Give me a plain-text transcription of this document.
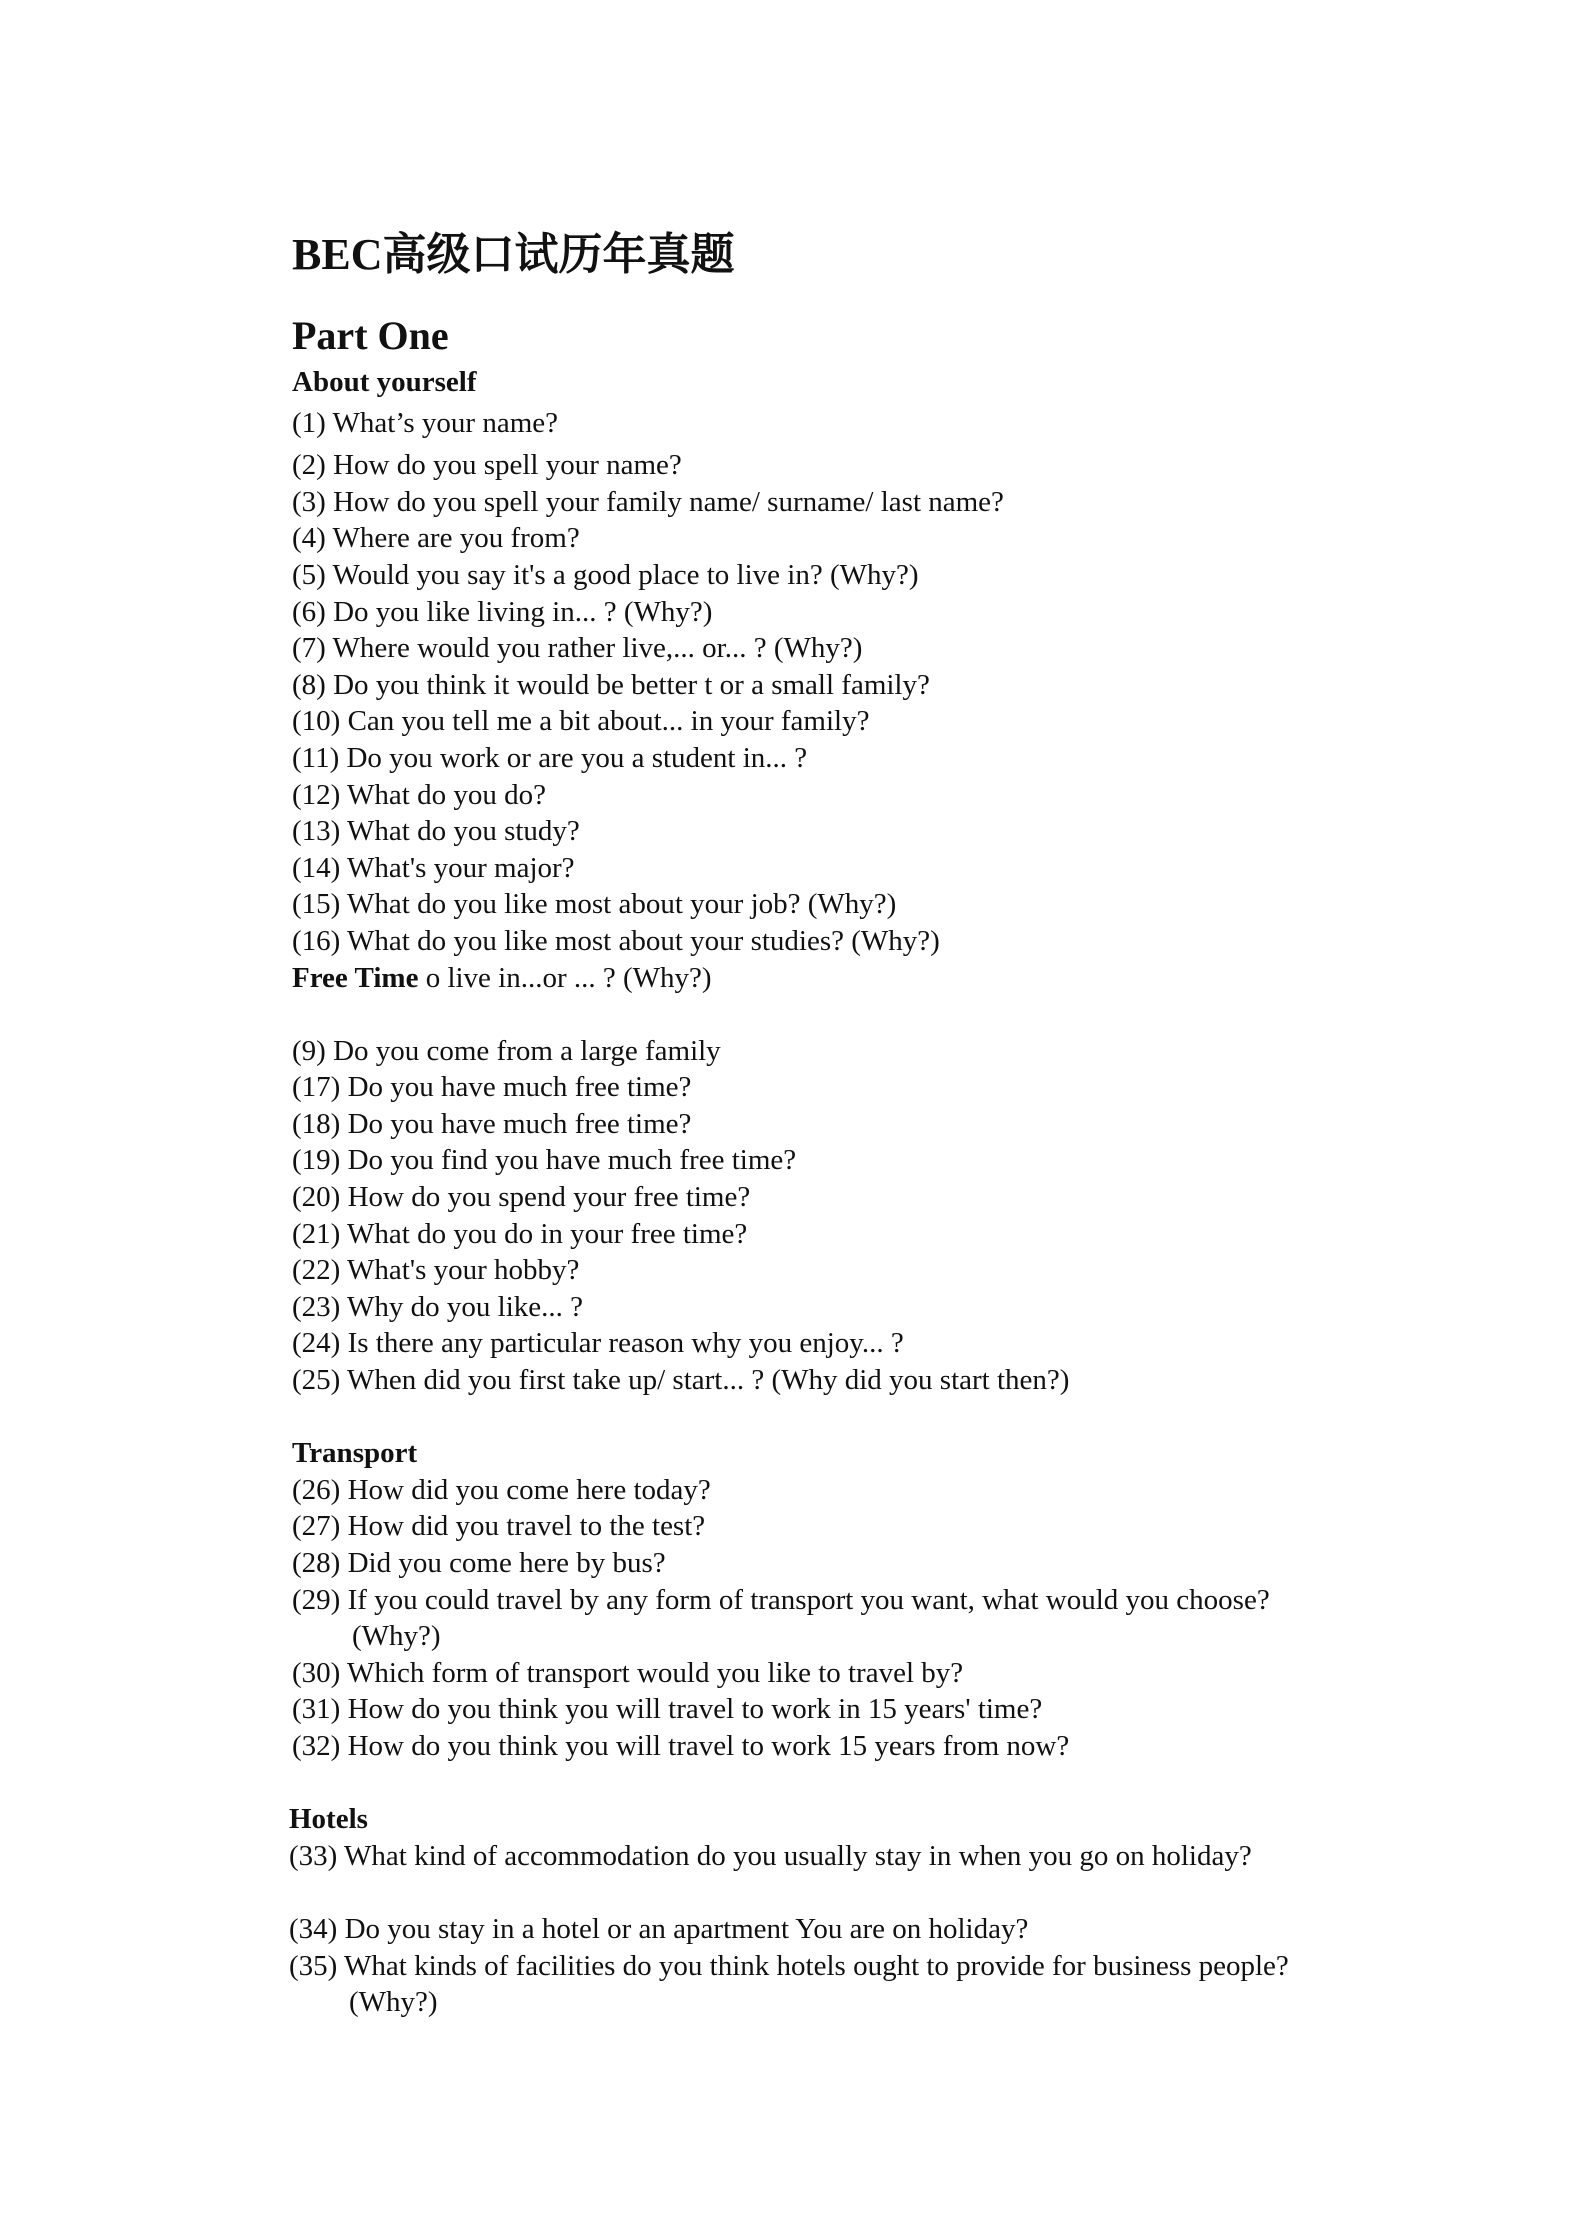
BEC高级口试历年真题
Part One
About yourself
(1) What’s your name?
(2) How do you spell your name?
(3) How do you spell your family name/ surname/ last name?
(4) Where are you from?
(5) Would you say it's a good place to live in? (Why?)
(6) Do you like living in... ? (Why?)
(7) Where would you rather live,... or... ? (Why?)
(8) Do you think it would be better t or a small family?
(10) Can you tell me a bit about... in your family?
(11) Do you work or are you a student in... ?
(12) What do you do?
(13) What do you study?
(14) What's your major?
(15) What do you like most about your job? (Why?)
(16) What do you like most about your studies? (Why?)
Free Time o live in...or ... ? (Why?)
(9) Do you come from a large family
(17) Do you have much free time?
(18) Do you have much free time?
(19) Do you find you have much free time?
(20) How do you spend your free time?
(21) What do you do in your free time?
(22) What's your hobby?
(23) Why do you like... ?
(24) Is there any particular reason why you enjoy... ?
(25) When did you first take up/ start... ? (Why did you start then?)
Transport
(26) How did you come here today?
(27) How did you travel to the test?
(28) Did you come here by bus?
(29) If you could travel by any form of transport you want, what would you choose? (Why?)
(30) Which form of transport would you like to travel by?
(31) How do you think you will travel to work in 15 years' time?
(32) How do you think you will travel to work 15 years from now?
Hotels
(33) What kind of accommodation do you usually stay in when you go on holiday?
(34) Do you stay in a hotel or an apartment You are on holiday?
(35) What kinds of facilities do you think hotels ought to provide for business people? (Why?)
